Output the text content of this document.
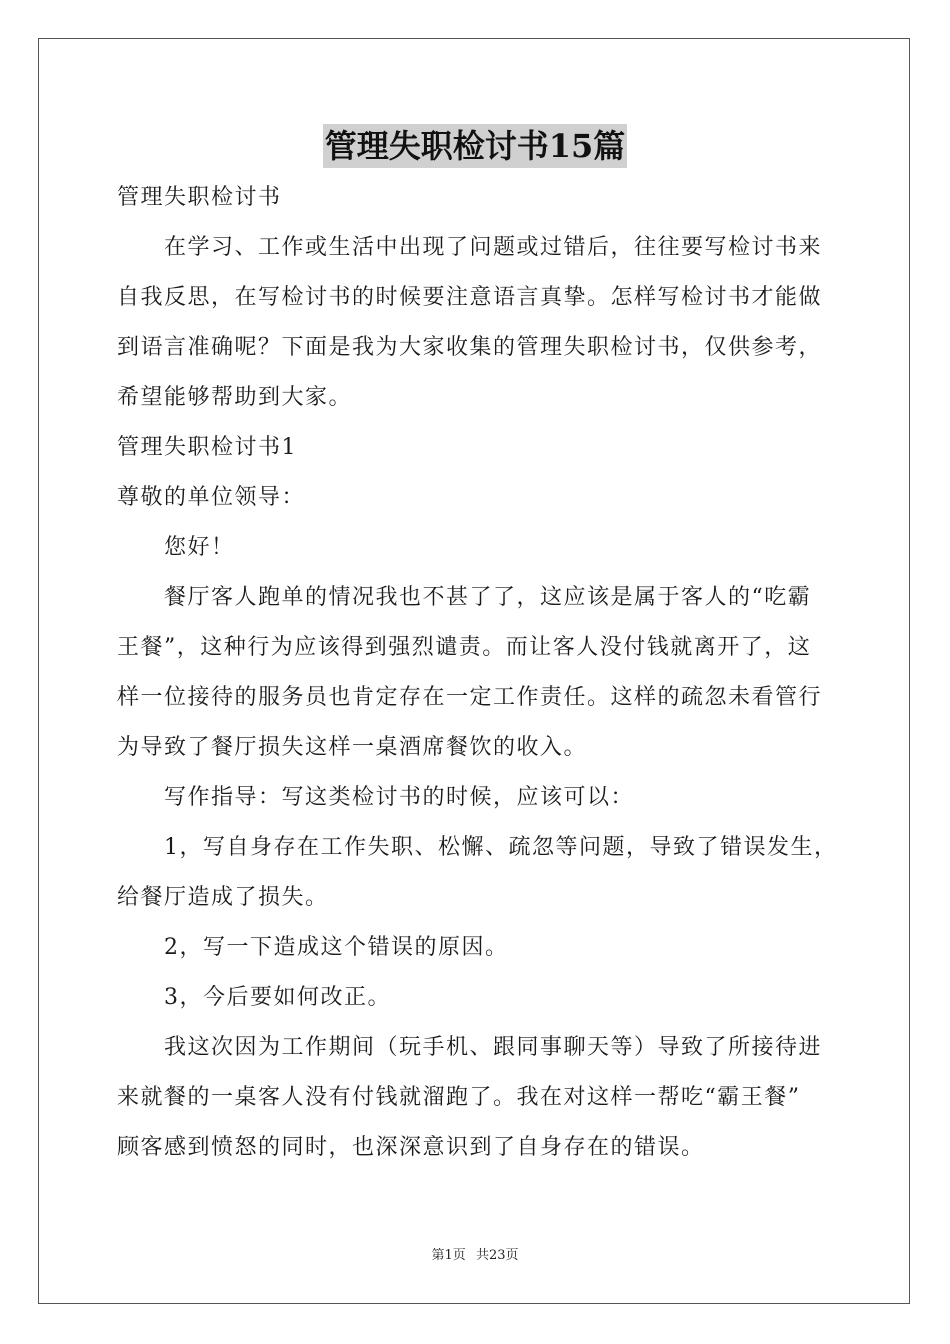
管理失职检讨书15篇
管理失职检讨书
在学习、工作或生活中出现了问题或过错后，往往要写检讨书来
自我反思，在写检讨书的时候要注意语言真挚。怎样写检讨书才能做
到语言准确呢？下面是我为大家收集的管理失职检讨书，仅供参考，
希望能够帮助到大家。
管理失职检讨书1
尊敬的单位领导：
您好！
餐厅客人跑单的情况我也不甚了了，这应该是属于客人的“吃霸
王餐”，这种行为应该得到强烈谴责。而让客人没付钱就离开了，这
样一位接待的服务员也肯定存在一定工作责任。这样的疏忽未看管行
为导致了餐厅损失这样一桌酒席餐饮的收入。
写作指导：写这类检讨书的时候，应该可以：
1，写自身存在工作失职、松懈、疏忽等问题，导致了错误发生，
给餐厅造成了损失。
2，写一下造成这个错误的原因。
3，今后要如何改正。
我这次因为工作期间（玩手机、跟同事聊天等）导致了所接待进
来就餐的一桌客人没有付钱就溜跑了。我在对这样一帮吃“霸王餐”
顾客感到愤怒的同时，也深深意识到了自身存在的错误。
第1页 共23页
